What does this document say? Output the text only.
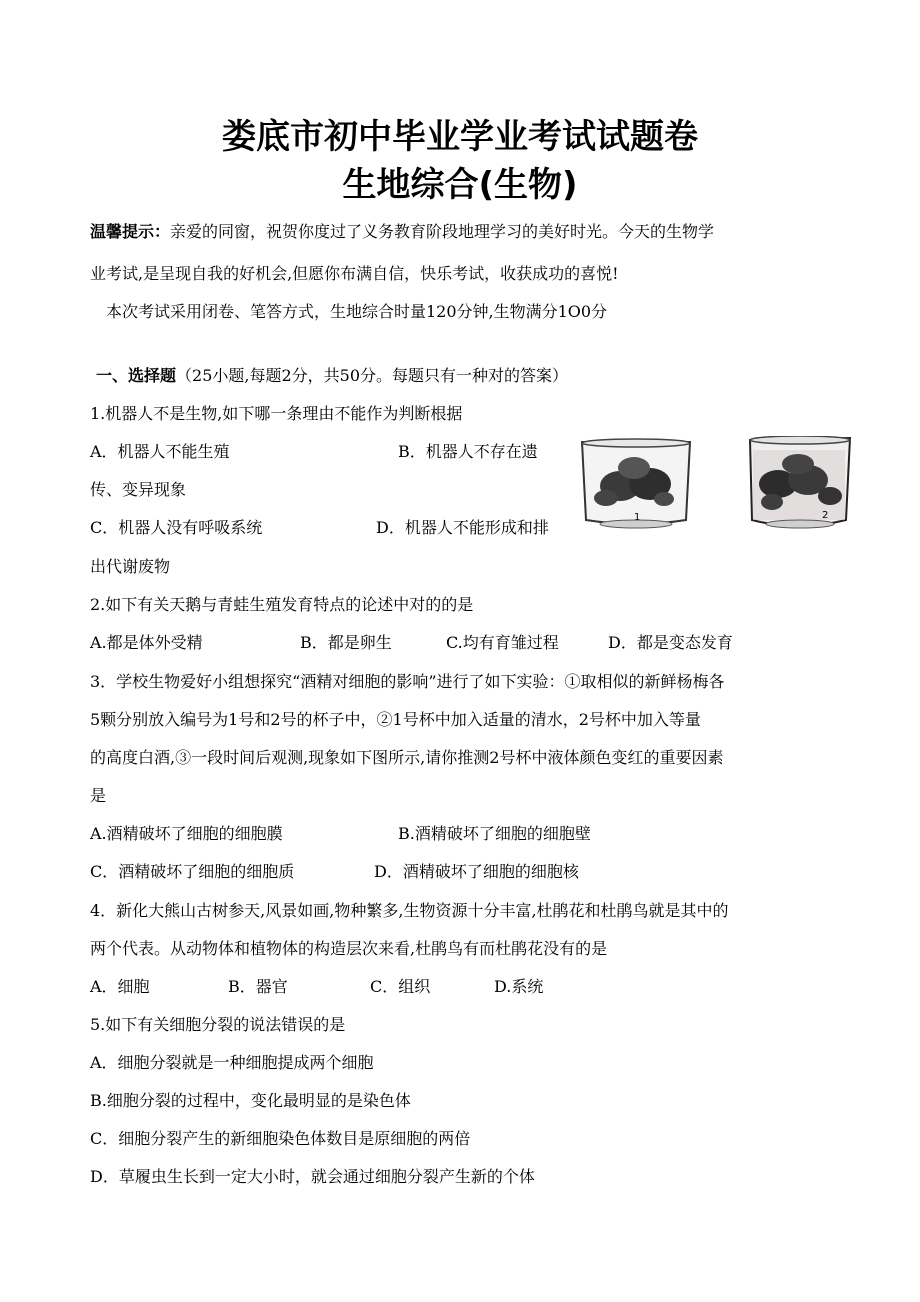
娄底市初中毕业学业考试试题卷
生地综合(生物)
温馨提示：亲爱的同窗，祝贺你度过了义务教育阶段地理学习的美好时光。今天的生物学
业考试,是呈现自我的好机会,但愿你布满自信，快乐考试，收获成功的喜悦!
本次考试采用闭卷、笔答方式，生地综合时量120分钟,生物满分1O0分
一、选择题（25小题,每题2分，共50分。每题只有一种对的答案）
1.机器人不是生物,如下哪一条理由不能作为判断根据
A．机器人不能生殖	B．机器人不存在遗
传、变异现象
C．机器人没有呼吸系统	D．机器人不能形成和排
出代谢废物
1	2
2.如下有关天鹅与青蛙生殖发育特点的论述中对的的是
A.都是体外受精	B．都是卵生	C.均有育雏过程	D．都是变态发育
3．学校生物爱好小组想探究“酒精对细胞的影响”进行了如下实验：①取相似的新鲜杨梅各
5颗分别放入编号为1号和2号的杯子中，②1号杯中加入适量的清水，2号杯中加入等量
的高度白酒,③一段时间后观测,现象如下图所示,请你推测2号杯中液体颜色变红的重要因素
是
A.酒精破坏了细胞的细胞膜	B.酒精破坏了细胞的细胞壁
C．酒精破坏了细胞的细胞质	D．酒精破坏了细胞的细胞核
4．新化大熊山古树参天,风景如画,物种繁多,生物资源十分丰富,杜鹃花和杜鹃鸟就是其中的
两个代表。从动物体和植物体的构造层次来看,杜鹃鸟有而杜鹃花没有的是
A．细胞	B．器官	C．组织	D.系统
5.如下有关细胞分裂的说法错误的是
A．细胞分裂就是一种细胞提成两个细胞
B.细胞分裂的过程中，变化最明显的是染色体
C．细胞分裂产生的新细胞染色体数目是原细胞的两倍
D．草履虫生长到一定大小时，就会通过细胞分裂产生新的个体
